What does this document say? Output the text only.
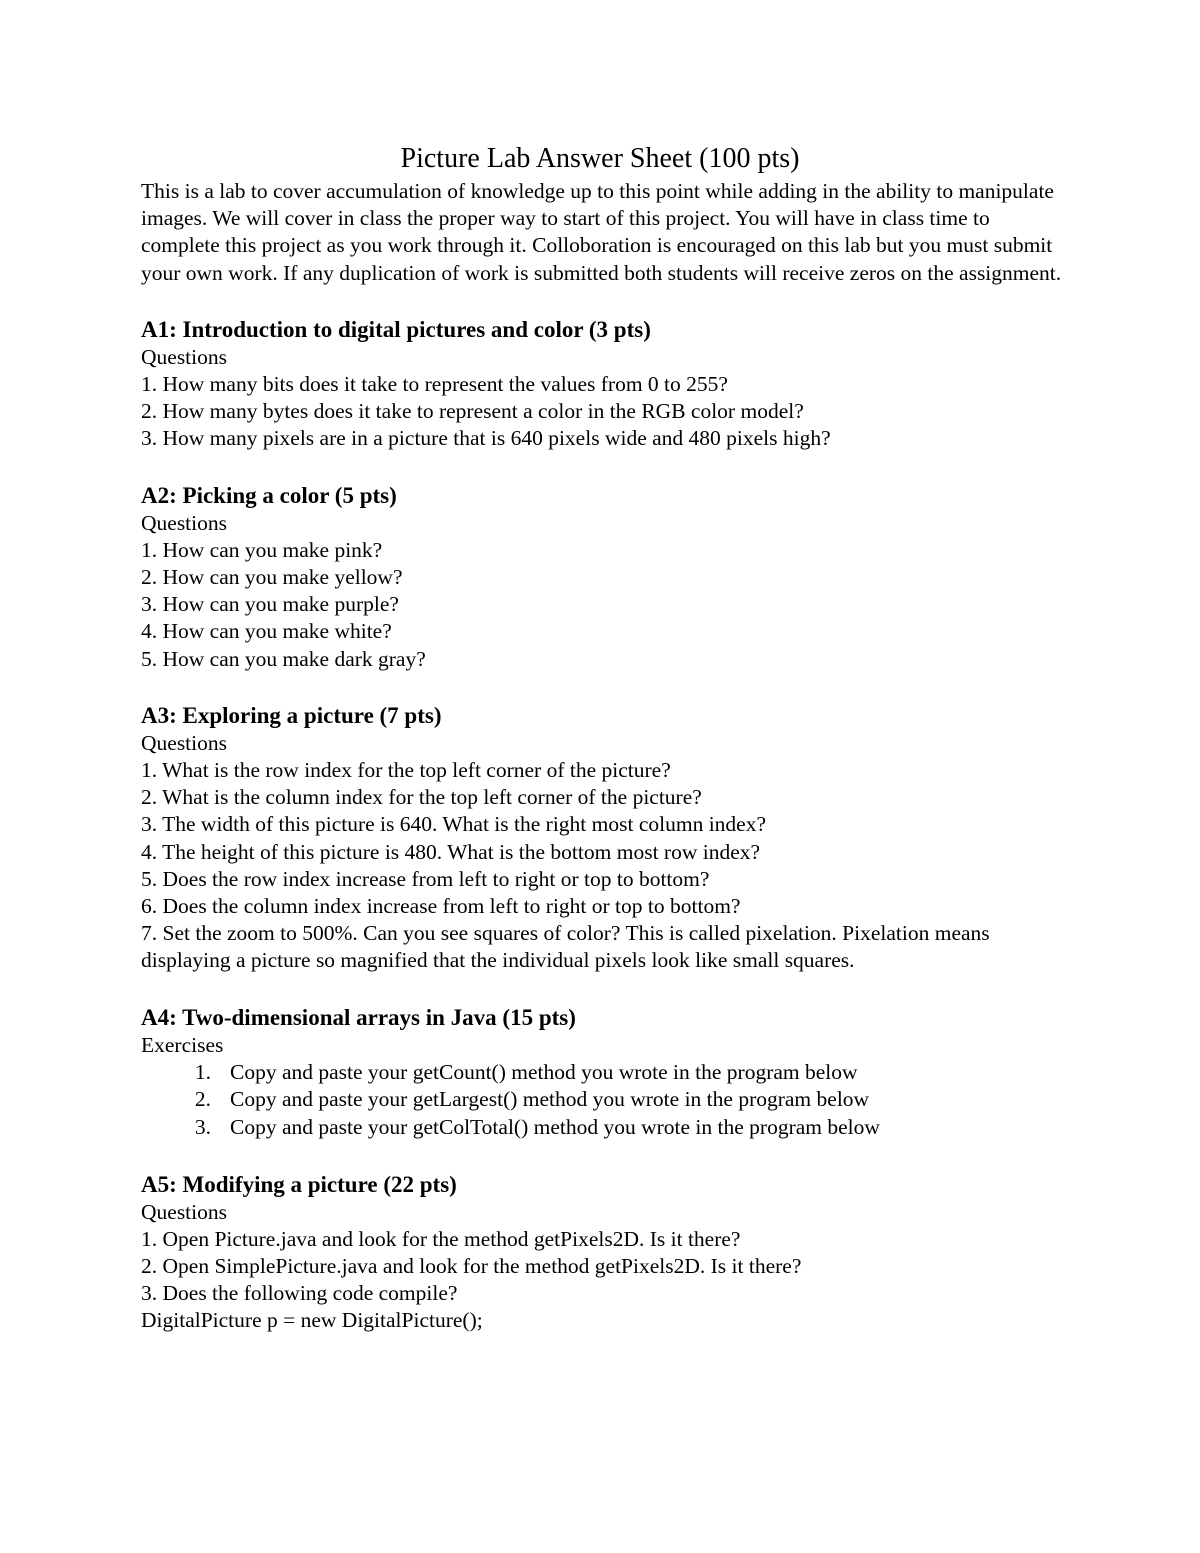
Picture Lab Answer Sheet (100 pts)

This is a lab to cover accumulation of knowledge up to this point while adding in the ability to manipulate images. We will cover in class the proper way to start of this project. You will have in class time to complete this project as you work through it. Colloboration is encouraged on this lab but you must submit your own work. If any duplication of work is submitted both students will receive zeros on the assignment.

A1: Introduction to digital pictures and color (3 pts)

Questions

1. How many bits does it take to represent the values from 0 to 255?

2. How many bytes does it take to represent a color in the RGB color model?

3. How many pixels are in a picture that is 640 pixels wide and 480 pixels high?

A2: Picking a color (5 pts)

Questions

1. How can you make pink?

2. How can you make yellow?

3. How can you make purple?

4. How can you make white?

5. How can you make dark gray?

A3: Exploring a picture (7 pts)

Questions

1. What is the row index for the top left corner of the picture?

2. What is the column index for the top left corner of the picture?

3. The width of this picture is 640. What is the right most column index?

4. The height of this picture is 480. What is the bottom most row index?

5. Does the row index increase from left to right or top to bottom?

6. Does the column index increase from left to right or top to bottom?

7. Set the zoom to 500%. Can you see squares of color? This is called pixelation. Pixelation means displaying a picture so magnified that the individual pixels look like small squares.

A4: Two-dimensional arrays in Java (15 pts)

Exercises

1. Copy and paste your getCount() method you wrote in the program below
2. Copy and paste your getLargest() method you wrote in the program below
3. Copy and paste your getColTotal() method you wrote in the program below
A5: Modifying a picture (22 pts)

Questions

1. Open Picture.java and look for the method getPixels2D. Is it there?

2. Open SimplePicture.java and look for the method getPixels2D. Is it there?

3. Does the following code compile?

DigitalPicture p = new DigitalPicture();
